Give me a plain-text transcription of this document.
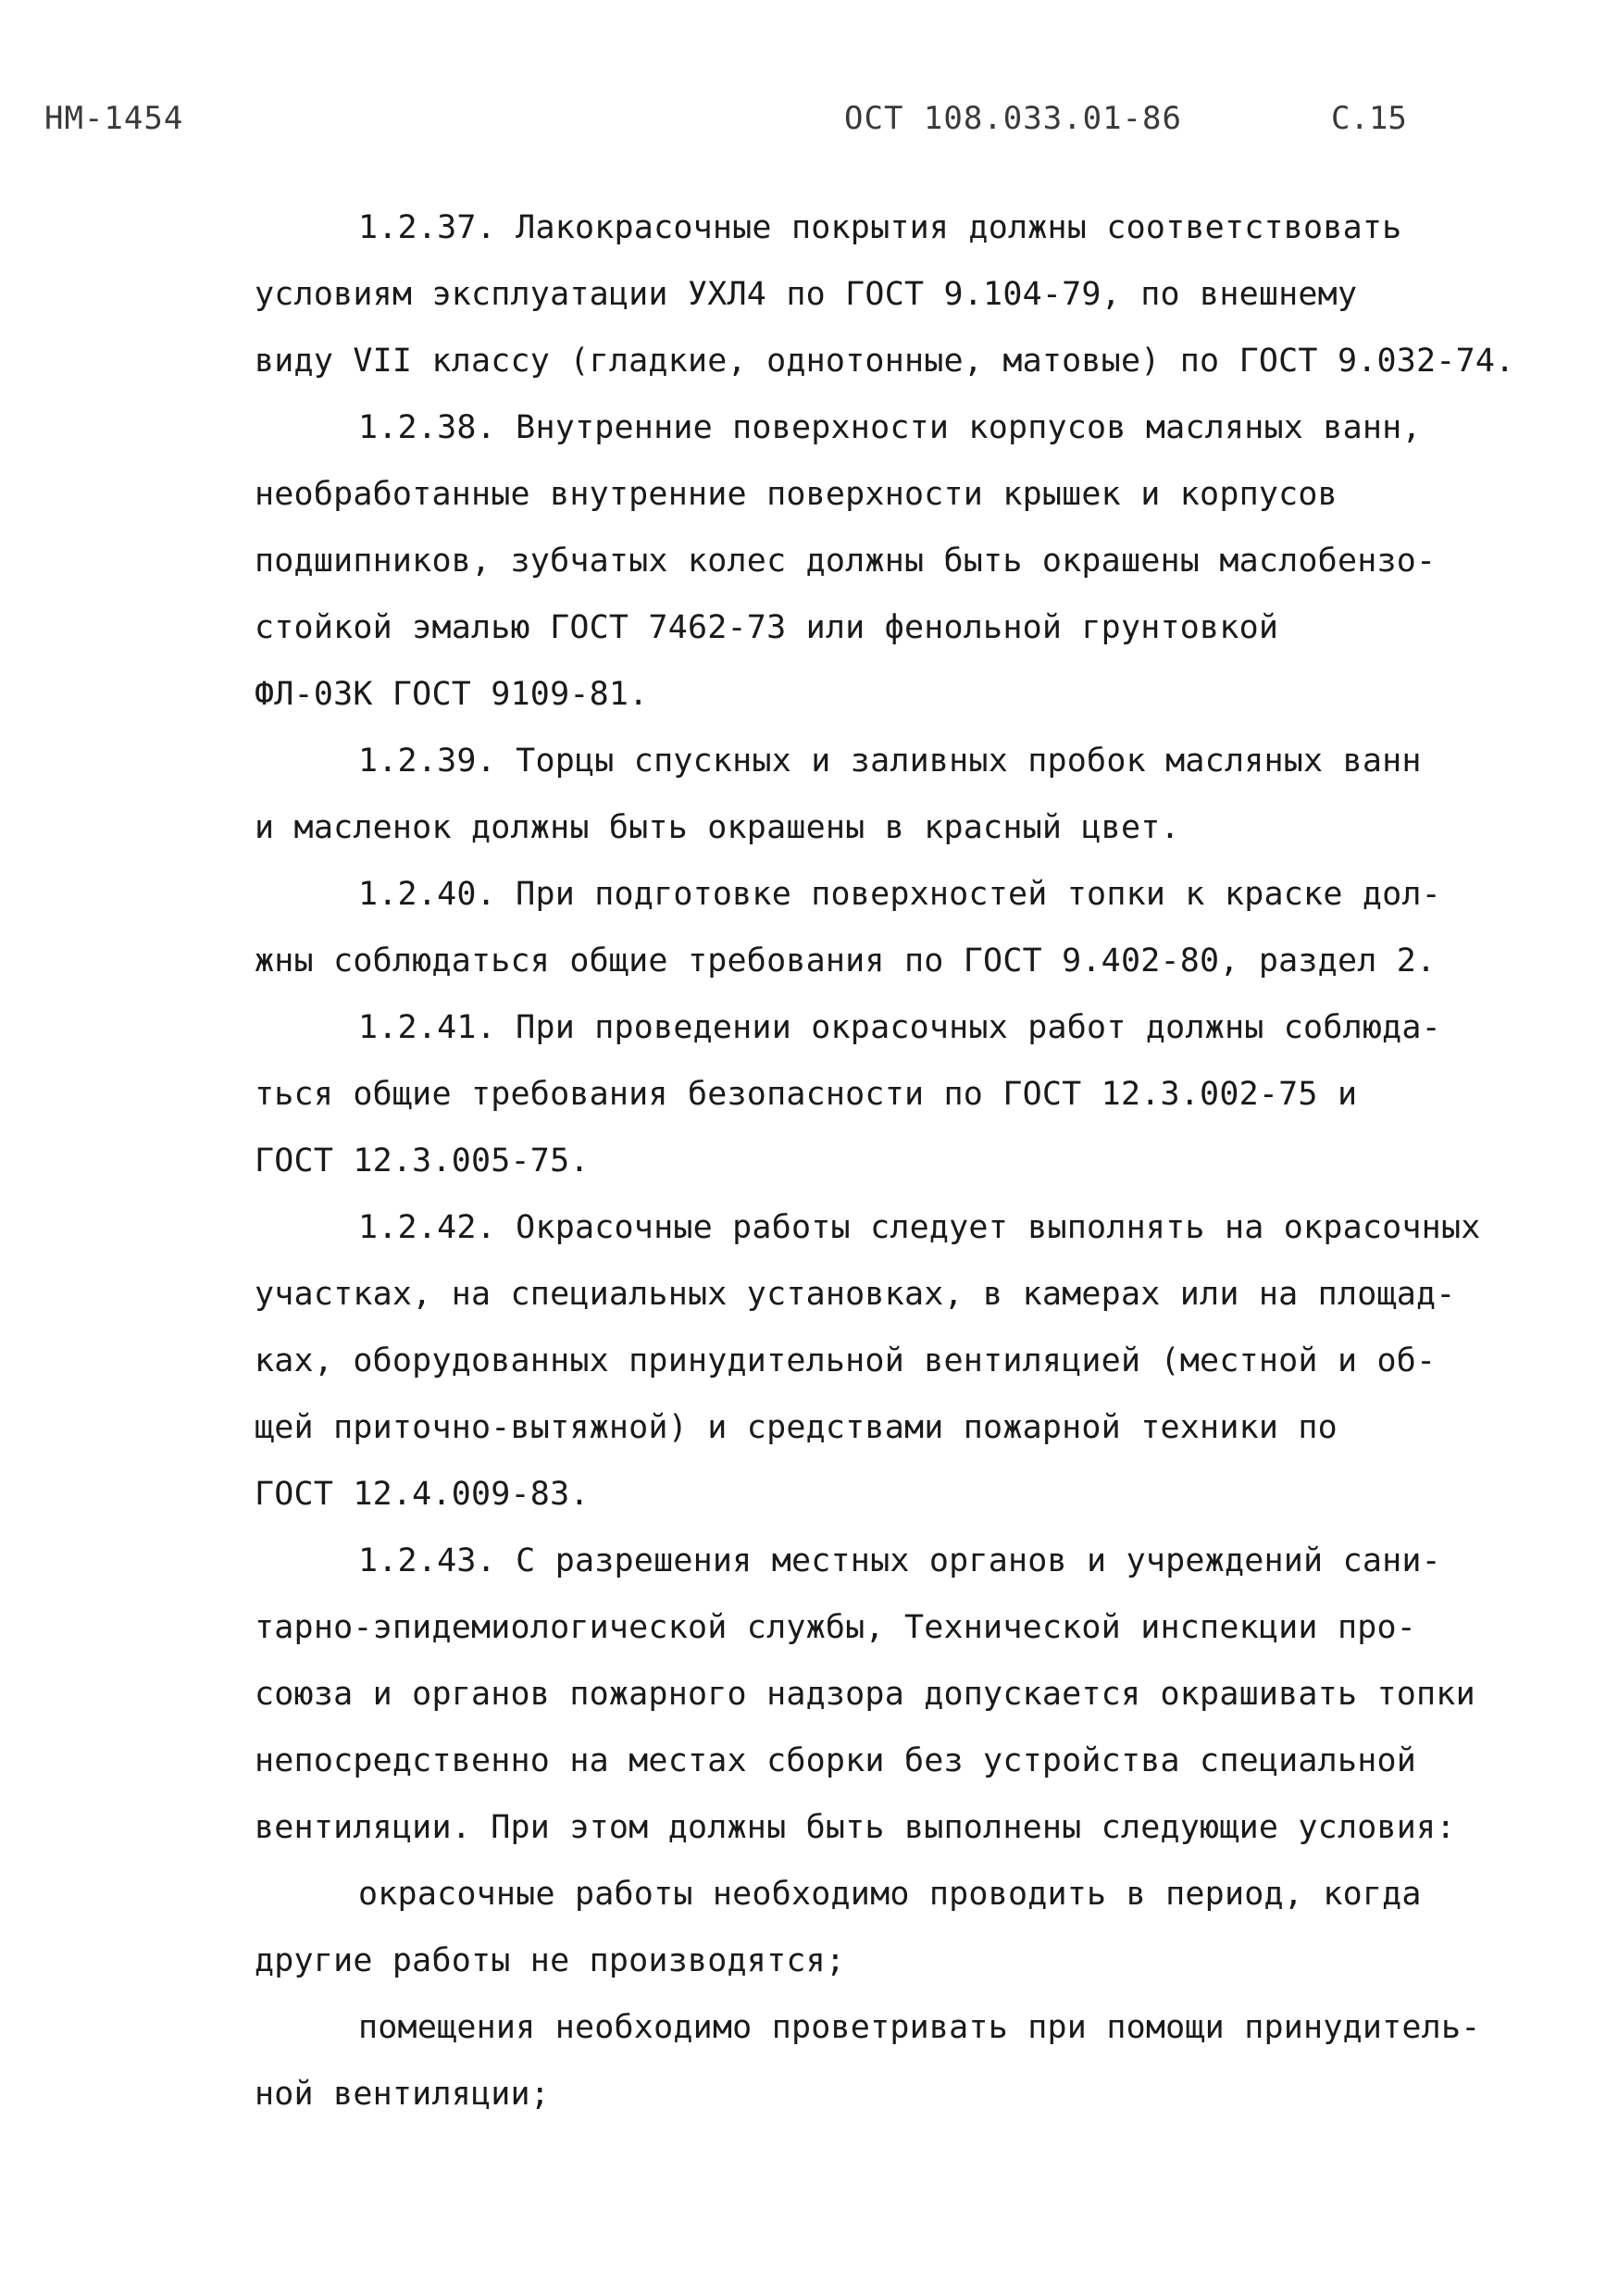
НМ-1454	ОСТ 108.033.01-86	С.15
1.2.37. Лакокрасочные покрытия должны соответствовать
условиям эксплуатации УХЛ4 по ГОСТ 9.104-79, по внешнему
виду VII классу (гладкие, однотонные, матовые) по ГОСТ 9.032-74.
1.2.38. Внутренние поверхности корпусов масляных ванн,
необработанные внутренние поверхности крышек и корпусов
подшипников, зубчатых колес должны быть окрашены маслобензо-
стойкой эмалью ГОСТ 7462-73 или фенольной грунтовкой
ФЛ-03К ГОСТ 9109-81.
1.2.39. Торцы спускных и заливных пробок масляных ванн
и масленок должны быть окрашены в красный цвет.
1.2.40. При подготовке поверхностей топки к краске дол-
жны соблюдаться общие требования по ГОСТ 9.402-80, раздел 2.
1.2.41. При проведении окрасочных работ должны соблюда-
ться общие требования безопасности по ГОСТ 12.3.002-75 и
ГОСТ 12.3.005-75.
1.2.42. Окрасочные работы следует выполнять на окрасочных
участках, на специальных установках, в камерах или на площад-
ках, оборудованных принудительной вентиляцией (местной и об-
щей приточно-вытяжной) и средствами пожарной техники по
ГОСТ 12.4.009-83.
1.2.43. С разрешения местных органов и учреждений сани-
тарно-эпидемиологической службы, Технической инспекции про-
союза и органов пожарного надзора допускается окрашивать топки
непосредственно на местах сборки без устройства специальной
вентиляции. При этом должны быть выполнены следующие условия:
окрасочные работы необходимо проводить в период, когда
другие работы не производятся;
помещения необходимо проветривать при помощи принудитель-
ной вентиляции;
